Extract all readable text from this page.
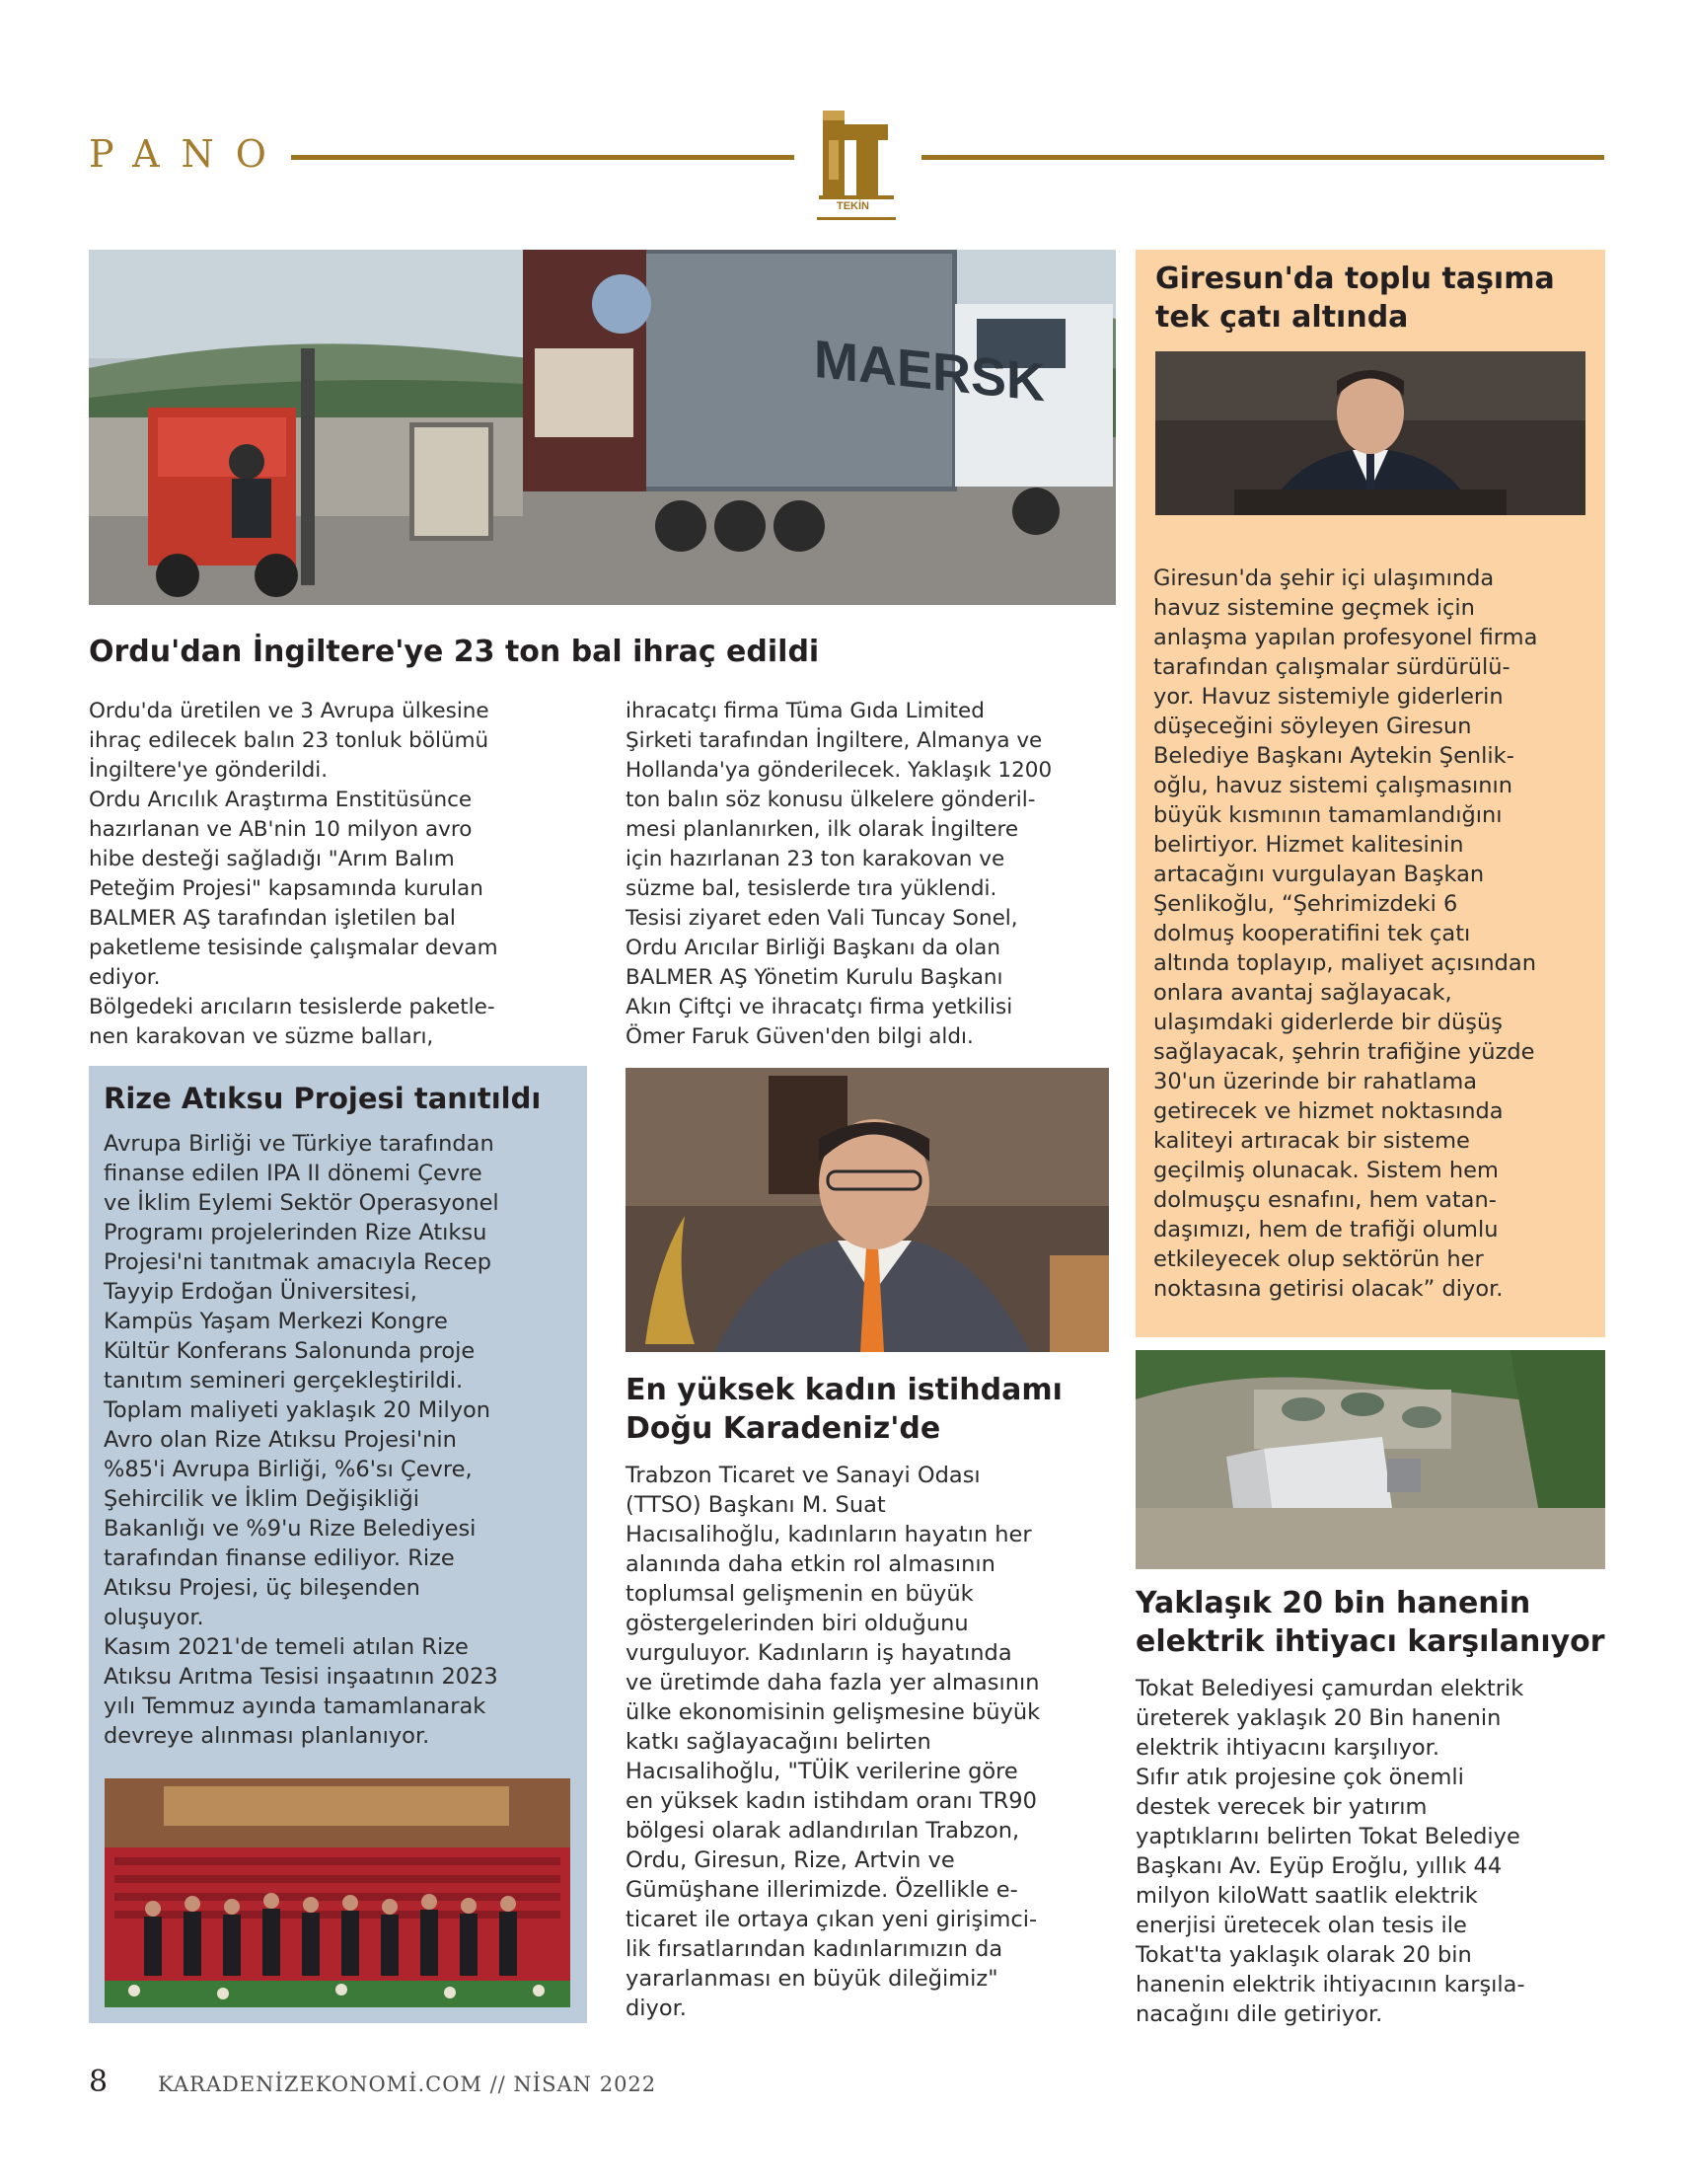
PANO
TEKİN
MAERSK
Ordu'dan İngiltere'ye 23 ton bal ihraç edildi

Ordu'da üretilen ve 3 Avrupa ülkesine
ihraç edilecek balın 23 tonluk bölümü
İngiltere'ye gönderildi.
Ordu Arıcılık Araştırma Enstitüsünce
hazırlanan ve AB'nin 10 milyon avro
hibe desteği sağladığı "Arım Balım
Peteğim Projesi" kapsamında kurulan
BALMER AŞ tarafından işletilen bal
paketleme tesisinde çalışmalar devam
ediyor.
Bölgedeki arıcıların tesislerde paketle-
nen karakovan ve süzme balları,

ihracatçı firma Tüma Gıda Limited
Şirketi tarafından İngiltere, Almanya ve
Hollanda'ya gönderilecek. Yaklaşık 1200
ton balın söz konusu ülkelere gönderil-
mesi planlanırken, ilk olarak İngiltere
için hazırlanan 23 ton karakovan ve
süzme bal, tesislerde tıra yüklendi.
Tesisi ziyaret eden Vali Tuncay Sonel,
Ordu Arıcılar Birliği Başkanı da olan
BALMER AŞ Yönetim Kurulu Başkanı
Akın Çiftçi ve ihracatçı firma yetkilisi
Ömer Faruk Güven'den bilgi aldı.

Giresun'da toplu taşıma
tek çatı altında

Giresun'da şehir içi ulaşımında
havuz sistemine geçmek için
anlaşma yapılan profesyonel firma
tarafından çalışmalar sürdürülü-
yor. Havuz sistemiyle giderlerin
düşeceğini söyleyen Giresun
Belediye Başkanı Aytekin Şenlik-
oğlu, havuz sistemi çalışmasının
büyük kısmının tamamlandığını
belirtiyor. Hizmet kalitesinin
artacağını vurgulayan Başkan
Şenlikoğlu, “Şehrimizdeki 6
dolmuş kooperatifini tek çatı
altında toplayıp, maliyet açısından
onlara avantaj sağlayacak,
ulaşımdaki giderlerde bir düşüş
sağlayacak, şehrin trafiğine yüzde
30'un üzerinde bir rahatlama
getirecek ve hizmet noktasında
kaliteyi artıracak bir sisteme
geçilmiş olunacak. Sistem hem
dolmuşçu esnafını, hem vatan-
daşımızı, hem de trafiği olumlu
etkileyecek olup sektörün her
noktasına getirisi olacak” diyor.

Rize Atıksu Projesi tanıtıldı

Avrupa Birliği ve Türkiye tarafından
finanse edilen IPA II dönemi Çevre
ve İklim Eylemi Sektör Operasyonel
Programı projelerinden Rize Atıksu
Projesi'ni tanıtmak amacıyla Recep
Tayyip Erdoğan Üniversitesi,
Kampüs Yaşam Merkezi Kongre
Kültür Konferans Salonunda proje
tanıtım semineri gerçekleştirildi.
Toplam maliyeti yaklaşık 20 Milyon
Avro olan Rize Atıksu Projesi'nin
%85'i Avrupa Birliği, %6'sı Çevre,
Şehircilik ve İklim Değişikliği
Bakanlığı ve %9'u Rize Belediyesi
tarafından finanse ediliyor. Rize
Atıksu Projesi, üç bileşenden
oluşuyor.
Kasım 2021'de temeli atılan Rize
Atıksu Arıtma Tesisi inşaatının 2023
yılı Temmuz ayında tamamlanarak
devreye alınması planlanıyor.

En yüksek kadın istihdamı
Doğu Karadeniz'de

Trabzon Ticaret ve Sanayi Odası
(TTSO) Başkanı M. Suat
Hacısalihoğlu, kadınların hayatın her
alanında daha etkin rol almasının
toplumsal gelişmenin en büyük
göstergelerinden biri olduğunu
vurguluyor. Kadınların iş hayatında
ve üretimde daha fazla yer almasının
ülke ekonomisinin gelişmesine büyük
katkı sağlayacağını belirten
Hacısalihoğlu, "TÜİK verilerine göre
en yüksek kadın istihdam oranı TR90
bölgesi olarak adlandırılan Trabzon,
Ordu, Giresun, Rize, Artvin ve
Gümüşhane illerimizde. Özellikle e-
ticaret ile ortaya çıkan yeni girişimci-
lik fırsatlarından kadınlarımızın da
yararlanması en büyük dileğimiz"
diyor.

Yaklaşık 20 bin hanenin
elektrik ihtiyacı karşılanıyor

Tokat Belediyesi çamurdan elektrik
üreterek yaklaşık 20 Bin hanenin
elektrik ihtiyacını karşılıyor.
Sıfır atık projesine çok önemli
destek verecek bir yatırım
yaptıklarını belirten Tokat Belediye
Başkanı Av. Eyüp Eroğlu, yıllık 44
milyon kiloWatt saatlik elektrik
enerjisi üretecek olan tesis ile
Tokat'ta yaklaşık olarak 20 bin
hanenin elektrik ihtiyacının karşıla-
nacağını dile getiriyor.

8 KARADENİZEKONOMİ.COM // NİSAN 2022
